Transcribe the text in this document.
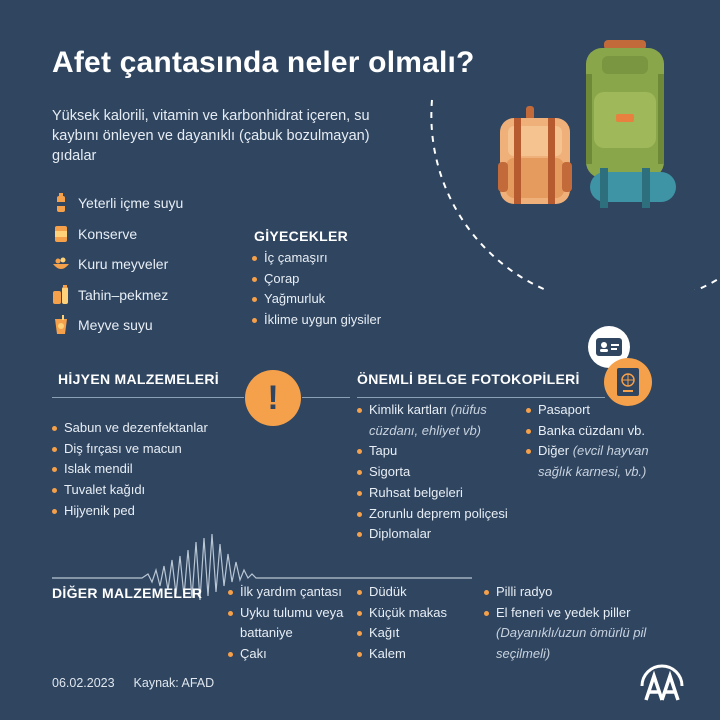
Afet çantasında neler olmalı?

Yüksek kalorili, vitamin ve karbonhidrat içeren, su kaybını önleyen ve dayanıklı (çabuk bozulmayan) gıdalar

Yeterli içme suyu
Konserve
Kuru meyveler
Tahin–pekmez
Meyve suyu
GİYECEKLER
İç çamaşırı
Çorap
Yağmurluk
İklime uygun giysiler
HİJYEN MALZEMELERİ !
Sabun ve dezenfektanlar
Diş fırçası ve macun
Islak mendil
Tuvalet kağıdı
Hijyenik ped
ÖNEMLİ BELGE FOTOKOPİLERİ
Kimlik kartları (nüfus cüzdanı, ehliyet vb)
Tapu
Sigorta
Ruhsat belgeleri
Zorunlu deprem poliçesi
Diplomalar
Pasaport
Banka cüzdanı vb.
Diğer (evcil hayvan sağlık karnesi, vb.)
DİĞER MALZEMELER	İlk yardım çantası
Uyku tulumu veya battaniye
Çakı
Düdük
Küçük makas
Kağıt
Kalem
Pilli radyo
El feneri ve yedek piller
(Dayanıklı/uzun ömürlü pil seçilmeli)
06.02.2023 Kaynak: AFAD
